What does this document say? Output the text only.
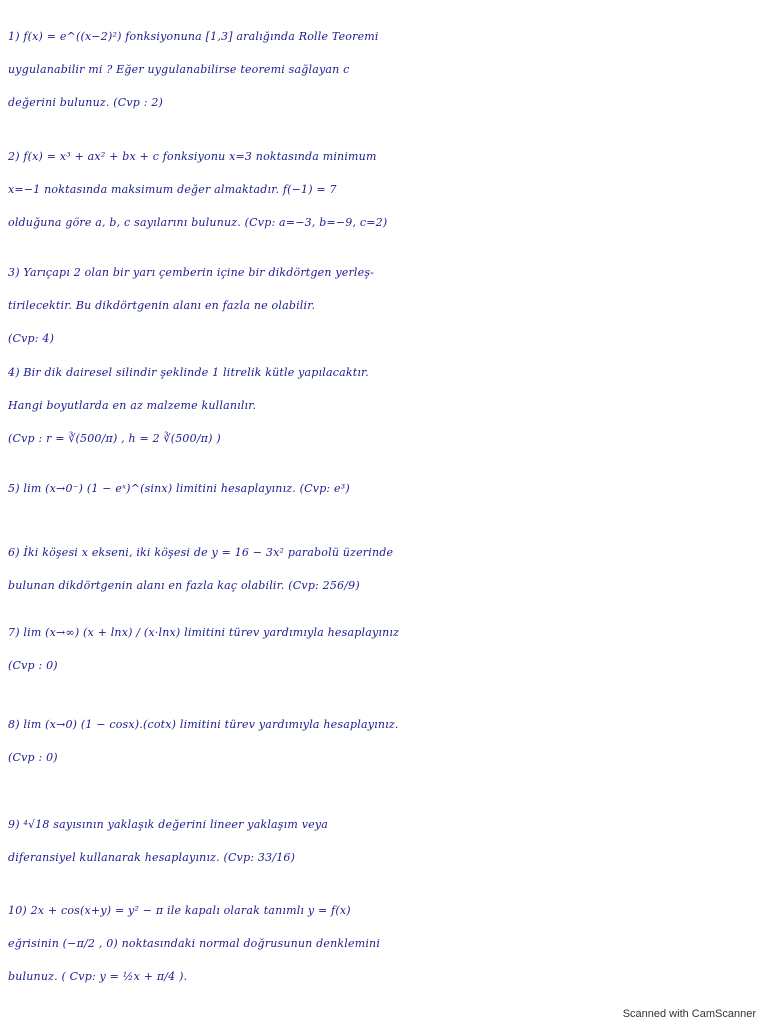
1) f(x) = e^((x−2)²) fonksiyonuna [1,3] aralığında Rolle Teoremi
uygulanabilir mi ? Eğer uygulanabilirse teoremi sağlayan c
değerini bulunuz. (Cvp : 2)
2) f(x) = x³ + ax² + bx + c fonksiyonu x=3 noktasında minimum
x=−1 noktasında maksimum değer almaktadır. f(−1) = 7
olduğuna göre a, b, c sayılarını bulunuz. (Cvp: a=−3, b=−9, c=2)
3) Yarıçapı 2 olan bir yarı çemberin içine bir dikdörtgen yerleş-
tirilecektir. Bu dikdörtgenin alanı en fazla ne olabilir.
(Cvp: 4)
4) Bir dik dairesel silindir şeklinde 1 litrelik kütle yapılacaktır.
Hangi boyutlarda en az malzeme kullanılır.
(Cvp : r = ∛(500/π) , h = 2 ∛(500/π) )
5) lim (x→0⁻) (1 − eˣ)^(sinx) limitini hesaplayınız. (Cvp: e³)
6) İki köşesi x ekseni, iki köşesi de y = 16 − 3x² parabolü üzerinde
bulunan dikdörtgenin alanı en fazla kaç olabilir. (Cvp: 256/9)
7) lim (x→∞) (x + lnx) / (x·lnx) limitini türev yardımıyla hesaplayınız
(Cvp : 0)
8) lim (x→0) (1 − cosx).(cotx) limitini türev yardımıyla hesaplayınız.
(Cvp : 0)
9) ⁴√18 sayısının yaklaşık değerini lineer yaklaşım veya
diferansiyel kullanarak hesaplayınız. (Cvp: 33/16)
10) 2x + cos(x+y) = y² − π ile kapalı olarak tanımlı y = f(x)
eğrisinin (−π/2 , 0) noktasındaki normal doğrusunun denklemini
bulunuz. ( Cvp: y = ½x + π/4 ).
Scanned with CamScanner
